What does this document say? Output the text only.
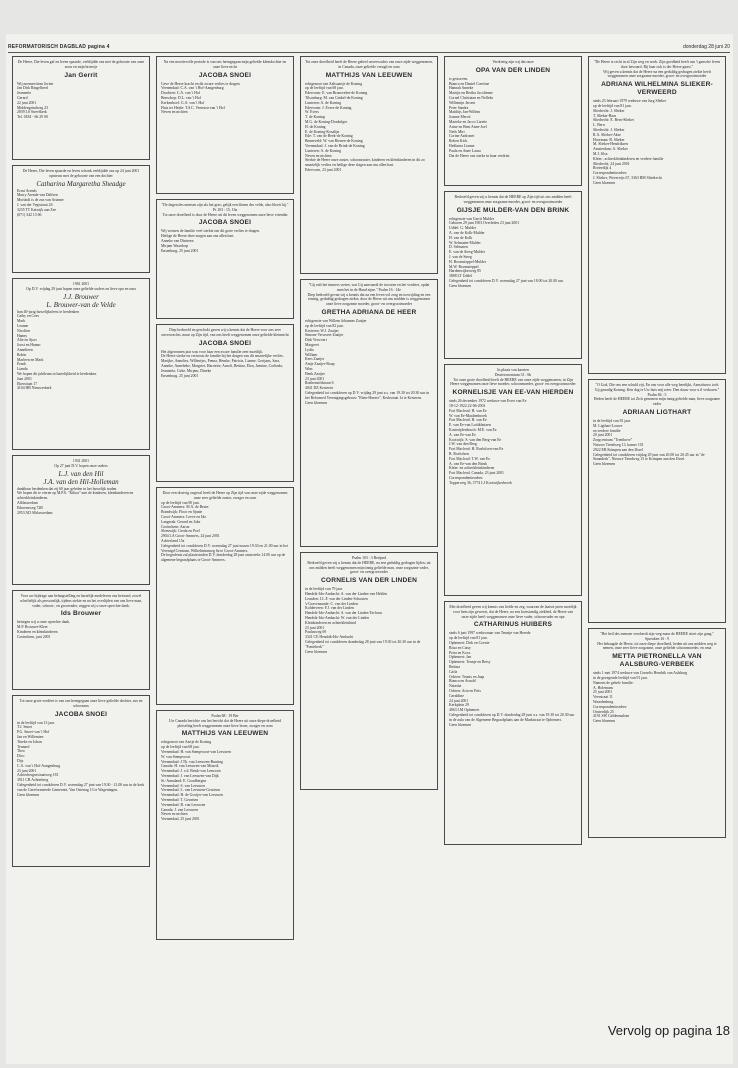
REFORMATORISCH DAGBLAD pagina 4	donderdag 28 juni 20
De Heere, Die leven gaf en leven spaarde, verblijdde ons met de geboorte van onze zoon en mijn broertje
Jan Gerrit
Wij noemen hem Jorien
Jan Dirk Ringelberd
Jeannette
Gerard
22 juni 2001
Middengrindweg 23
2839 LS Streefkerk
Tel. 0184 - 66 29 00
De Heere, Die leven spaarde en leven schonk verblijdde ons op 24 juni 2001 opnieuw met de geboorte van een dochter
Catharina Margaretha Sheadge
Ernst Arends
Marry Arends-van Dalfsen
Morlaidi is de zus van Arianne
J. van der Vegtstraat 26
3235 TT Katwijk aan Zee
(071) 342 13 66
1961 2001
Op D.V. vrijdag 29 juni hopen onze geliefde ouders en lieve opa en oma
J.J. Brouwer
L. Brouwer-van de Velde
hun 40-jarig huwelijksfeest te herdenken
Cathy en Cees
Mark
Leanne
Nicolien
Hanny
Alie en Sjors
Joost en Hanno
Annelieen
Robin
Marleen en Mark
Frank
Lianda
We hopen dit jubileum in hartelijkheid te herdenken.
Juni 2001
Ekerstraat 17
4104 HB Nieuwerkerk
1941 2001
Op 27 juni D.V. hopen onze ouders
L.J. van den Hil
J.A. van den Hil-Holleman
dankbaar herdenken dat zij 60 jaar geleden in het huwelijk traden.
We hopen dit te vieren op M.P.S. "Kiltoa" met de kinderen, kleinkinderen en achterkleinkinderen.
Alblasserdam
Eiboensweg 72B
2953 AD Alblasserdam
Voor uw bijdrage aan belangstelling en hartelijk medeleven ons betoond, zowel schriftelijk als persoonlijk, tijdens ziekte en na het overlijden van ons lieve man, vader, schoon-, en grootvader, zeggen wij u onze oprechte dank.
Ids Brouwer
betuigen wij u onze oprechte dank.
M.P. Brouwer-Kleer
Kinderen en kleinkinderen
Gorinchem, juni 2001
Tot onze grote verdriet is van ons heengegaan onze lieve geliefde dochter, zus en schoonzus
JACOBA SNOEI
in de leeftijd van 13 jaar.
T.J. Snoei
P.G. Snoei-van 't Hof
Jan en Willemien
Tineke en Johan
Teunard
Theo
Dico
Dijs
C.A. van 't Hof-Aangenburg
23 juni 2001
Achterbergsestraatweg 181
3911 CB Achterberg
Gelegenheid tot condoleren D.V. woensdag 27 juni van 19.30 - 21.00 uur in de kerk van de Gereformeerde Gemeente, Van Ostertag 13 te Wageningen.
Geen bloemen
Na een moeitevolle periode is van ons heengegaan mijn geliefde kleindochter en onze lieve nicht
JACOBA SNOEI
Geve de Heere kracht en dit zware verlies te dragen.
Veenendaal: C.A. van 't Hof-Aangenburg
Drachten: C.A. van 't Hof
Benschop: D.L. van 't Hof
Kerkenhoef: G.A. van 't Hof
Huis ter Heide: T.S.C. Veenstra-van 't Hof
Neven en nichten
"De dagen des mensen zijn als het gras; gelijk een bloem des velds, alzo bloeit hij." Ps 103 : 15, 16a
Tot onze droefheid is door de Heere uit dit leven weggenomen onze lieve vriendin
JACOBA SNOEI
Wij wensen de familie veel sterkte om dit grote verlies te dragen.
Heilige de Heere deze zorgen aan ons allen hart.
Anneke van Dinteren
Mirjam Waardorp
Ensenburg, 25 juni 2001
Diep bedroefd en geschokt gaven wij u kennis dat de Heere voor ons zeer onverwachts, maar op Zijn tijd, van ons heeft weggenomen onze geliefde kleinnicht
JACOBA SNOEI
Het afgeronnen jaar was voor haar een zware familie zeer moeilijk.
De Heere sterke en vertroost de familie bij het dragen van dit smartelijke verlies.
Marijke, Annelies, Wilbertjes, Fenna, Hemke, Patricia, Lianne, Gertjans, Sara, Anneke, Annebeke, Margriet, Harriette, Arnolt, Bettina, Elza, Jeanine, Corlinda, Jeannette, Geke, Mirjam, Dineke
Ensenburg, 25 juni 2001
Door een droevig ongeval heeft de Heere op Zijn tijd van onze zijde weggenomen onze zeer geliefde zuster, zwager en oom
op de leeftijd van 90 jaar.
Groot-Ammers: M.A. de Bruin
Brandwijk: Floor en Sjanie
Groot-Ammers: Leeve en Ida
Langerak: Gerard en Joke
Gorinchem: Aaron
Sleeuwijk: Gerda en Poel
2904 LA Groot-Ammers, 24 juni 2001
Achterland 15a
Gelegenheid tot condoleren D.V. woensdag 27 juni tussen 19.30 en 21.00 uur in het Verenigd Centrum, Wilhelminaweg 6a te Groot-Ammers.
De begrafenis zal plaatsvinden D.V. donderdag 28 juni omstreeks 14.00 uur op de algemene begraafplaats te Groot-Ammers.
Psalm 68 : 19 Ber
Uw Canada berichte ons het bericht dat de Heere uit onze diepe droefheid plotseling heeft weggenomen onze lieve broer, zwager en oom
MATTHIJS VAN LEEUWEN
echtgenoot van Aartje de Koning
op de leeftijd van 68 jaar.
Veenendaal: H. van Stempvoort-van Leeuwen
W. van Stempvoort
Veenendaal: J.Th. van Leeuwen-Bunting
Canada: H. van Leeuwen-van Mourik
Veenendaal: J. v.d. Brink-van Leeuwen
Veenendaal: J. van Leeuwen-van Dijk
St.-Annaland: E. Goudbergen
Veenendaal: S. van Leeuwen
Veenendaal: L. van Leeuwen-Geurtsen
Veenendaal: H. de Gooijer-van Leeuwen
Veenendaal: T. Geurtsen
Veenendaal: B. van Leeuwen
Canada: J. van Leeuwen
Neven en nichten
Veenendaal, 25 juni 2001
Tot onze droefheid heeft de Heere geheel onverwachts van onze zijde weggenomen, in Canada, onze geliefde vreugd en oom
MATTHIJS VAN LEEUWEN
echtgenoot van Aaltsaartje de Koning
op de leeftijd van 68 jaar.
Edervorm: E. van Brunsvelen-de Koning
Tilsonburg: M. van Ginkel-de Koning
Lunteren: A. de Koning
Edervorm: J. Evers-de Koning
W. Evers
T. de Koning
M.G. de Koning-Donkelger
H. de Koning
E. de Koning-Kosalijn
Ede: T. van de Beek-de Koning
Benneveld: W. van Rienen-de Koning
Veenendaal: J. van de Brink-de Koning
Lunteren: A. de Koning
Neven en nichten
Sterkte de Heere onze zuster, schoonzuster, kinderen en kleinkinderen in dit zo smartelijk verlies en heilige deze slagen aan ons allen hart.
Edervorm, 23 juni 2001
"Gij zult het immers weten, wat Gij aanvaardt de troosten en het verdriet, opdat men het in de Hand zijne." Psalm 16 : 14e
Diep bedroefd gevan wij u kennis dat na een leven vol zorg en toewijding en een ernstig, geduldig gedragen ziekte, door de Heere uit ons midden is weggenomen onze lieve zorgzame moeder, groot- en overgrootmoeder
GRETHA ADRIANA DE HEER
echtgenote van Willem Johannes Zaaijer
op de leeftijd van 82 jaar.
Kesteren: W.J. Zaaijer
Simone Verwoert-Zaaijer
Dirk Verwoert
Margreet
Lydia
William
Kees Zaaijer
Antje Zaaijer-Boup
Wim
Henk Zaaijer
23 juni 2001
Ronhenstfdstraat 6
4041 DZ Kesteren
Gelegenheid tot condoleren op D.V. vrijdag 29 juni a.s. van 19.30 tot 20.30 uur in het Reformed Verenigingsgebouw "Eben-Haezer", Kerkstraat 1a te Kesteren.
Geen bloemen
Psalm 103 : 3 Berijmd
Bedroefd geven wij u kennis dat de HEERE, na een geduldig gedragen lijden, uit ons midden heeft weggenomen mijn innig geliefde man, onze zorgzame vader, groot- en overgrootvader
CORNELIS VAN DER LINDEN
in de leeftijd van 79 jaar.
Hendrik-Ido-Ambacht: A. van der Linden-van Helden
Leusden: J.L.F. van der Linden-Schouten
's-Gravenzande: C. van der Linden
Kolderveen: F.J. van der Linden
Hendrik-Ido-Ambacht: A. van der Linden-Terlouw
Hendrik-Ido-Ambacht: W. van der Linden
Kleinkinderen en achterkleinkind
23 juni 2001
Paulusweg 69
3341 CE Hendrik-Ido-Ambacht
Gelegenheid tot condoleren donderdag 28 juni van 19.30 tot 20.30 uur in de "Fonteberk"
Geen bloemen
Verdrietig zijn wij dat onze
OPA VAN DER LINDEN
is gestorven.
Bianca en Daniel Coertine
Hannah Anneke
Martijn en Bertha Jacolienne
Cornel Christiaan en Nelleke
Willemijn Jeroen
Peter Sandra
Matthijs Jan-Willem
Joanne Mercit
Marieke en Jacco Lizette
Arine en Bent Anne-Joel
Niels Mirt
Corine Azdronet
Roben Kick
Hedlarna Lianne
Paula en Anne Laura
Dat de Heere ons sterke in haar verdriet.
Bedroefd geven wij u kennis dat de HEERE op Zijn tijd uit ons midden heeft weggenomen onze zorgzame moeder, groot- en overgrootmoeder
GIJSJE MULDER-VAN DEN BRINK
echtgenote van Gerrit Mulder
Geboren 29 juni 1903 Overleden 23 juni 2001
Uddel: G. Mulder
A. van de Kolk-Mulder
H. van de Kolk
W. Selmaten-Mulder
D. Selmaten
E. van de Steeg-Mulder
J. van de Steeg
H. Boomsteppel-Mulder
M.W. Boomsteppel
Hardenwijkerweg 85
3888 LT Uddel
Gelegenheid tot condoleren D.V. woensdag 27 juni van 18.00 tot 20.00 uur.
Geen bloemen
In plaats van kaarten
Deuteronomium 31 : 6b
Tot onze grote droefheid heeft de HEERE van onze zijde weggenomen, in Zijn Heere weggenomen onze lieve moeder, schoonmoeder, groot- en overgrootmoeder
KORNELISJE VAN EE-VAN HIERDEN
sinds 26 december 1972 weduwe van Evert van Ee
18-12-1922 22-06-2001
Fort Macleod: H. van Ee
W. van Ee-Maaltenbroek
Fort Macleod: H. van Ee
E. van Ee-van Lottikhuizen
Kosterijdenbosch: M.E. van Ee
A. van Ee-van Ee
Kootwijk: S. van den Berg-van Ee
J.W. van den Berg
Fort Macleod: H. Roelofsen-van Ee
R. Roelofsen
Fort Macleod: T.W. van Ee
A. van Ee-van den Brink
Klein- en achterkleinkinderen
Fort Macleod, Canada, 23 juni 2001
Correspondentieadres:
Topperweg 36, 3774 LJ Kootwijkerbroek
Met droefheid geven wij kennis van liefde en zeg, waarvan de laatste jaren moeilijk voor hem zijn geweest, dat de Heere, na een kortstondig ziekbed, de Heere van onze zijde heeft weggenomen onze lieve vader, schoonvader en opa
CATHARINUS HUIBERS
sinds 6 juni 1997 weduwnaar van Teuntje van Heerde
op de leeftijd van 81 jaar.
Ophemert: Dirk en Coenie
Ritsa en Catsy
Petra en Koos
Ophemert: Jan
Ophemert: Teunje en Betsy
Bettina
Carla
Ochten: Teunis en Jaap
Bianca en Arnold
Natasha
Ochten: Aria en Frits
Geraldine
24 juni 2001
Kerkplein 29
4063 LM Ophemert
Gelegenheid tot condoleren op D.V. donderdag 28 juni a.s. van 19.30 tot 20.30 uur in de aula van de Algemene Begraafplaats aan de Markstraat te Ophemert.
Geen bloemen
"De Heere is recht in al Zijn weg en werk. Zijn goedheid heeft ons 't gansche leven door bewaard. Bij haar ook is der Heere gunst."
Wij geven u kennis dat de Heere na een geduldig gedragen ziekte heeft weggenomen onze zorgzame moeder, groot- en overgrootmoeder
ADRIANA WILHELMINA SLIEKER-VERWEERD
sinds 23 februari 1979 weduwe van Jurg Slieker
op de leeftijd van 81 jaar.
Sliedrecht: J. Slieker
T. Slieker-Baar
Sliedrecht: E. Bern-Slieker
L. Bern
Sliedrecht: J. Slieker
R.A. Slieker-Akse
Hoorman: B. Slieker
M. Slieker-Hendriksen
Amsterdam: A. Slieker
M.J. Jilsa
Klein-, achterkleinkinderen en verdere familie
Sliedrecht, 24 juni 2001
Rivierdijk 4
Correspondentieadres:
J. Slieker, Wevertrijs 67, 3363 BM Sliedrecht
Geen bloemen
"O God, Die ons een schuld zijt, En ons voor alle weg beerlijkt, Aanschouw toch Gij genadig Koning. Ken dag te Uw huis mij weer. Den dauw voor u il verkoren." Psalm 84 : 5
Heden heeft de HEERE tot Zich genomen mijn innig geliefde man, lieve zorgzame vader
ADRIAAN LIGTHART
in de leeftijd van 81 jaar.
M. Ligthart-Louwe
en verdere familie
20 juni 2001
Zorgcentrum "Trenthove"
Nieuwe Tiendweg 13, kamer 101
2922 EB Krimpen aan den IJssel
Gelegenheid tot condoleren vrijdag 29 juni van 20.00 tot 20.45 uur in "de Staanderk", Nieuwe Tiendweg 15 te Krimpen aan den IJssel.
Geen bloemen
"Het heil des mensen veroberdt zijn weg maar de HEERE stiert zijn gang." Spreuken 16 : 9
Het behaagde de Heere, tot onze diepe droefheid, heden uit ons midden weg te nemen, onze zeer lieve zorgzame, onze geliefde schoonmoeder, en oma
METTA PIETRONELLA VAN AALSBURG-VERBEEK
sinds 1 mei 1974 weduwe van Cornelis Hendrik van Aalsburg
in de gezegende leeftijd van 91 jaar.
Namens de gehele familie:
A. Holemans
25 juni 2001
Veerstraat 11
Waardenburg
Correspondentieadres:
Oosterdijk 25
4191 SW Geldermalsen
Geen bloemen
Vervolg op pagina 18
